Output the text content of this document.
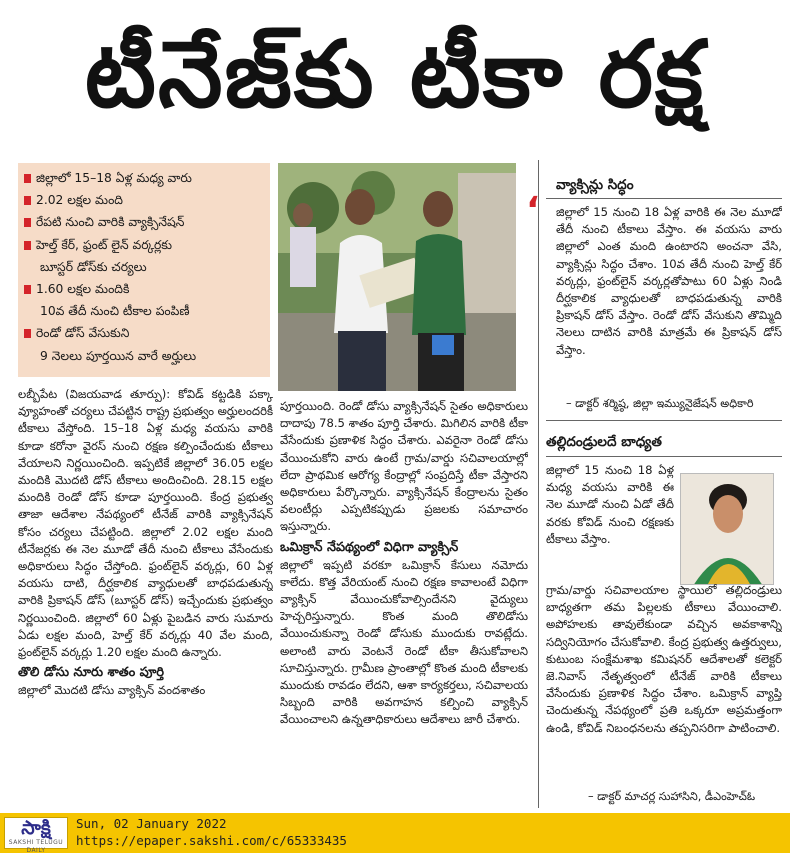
టీనేజ్‌కు టీకా రక్ష
జిల్లాలో 15–18 ఏళ్ల మధ్య వారు
2.02 లక్షల మంది
రేపటి నుంచి వారికి వ్యాక్సినేషన్
హెల్త్‌ కేర్, ఫ్రంట్‌ లైన్‌ వర్కర్లకు
బూస్టర్‌ డోస్‌కు చర్యలు
1.60 లక్షల మందికి
10వ తేదీ నుంచి టీకాల పంపిణీ
రెండో డోస్‌ వేసుకుని
9 నెలలు పూర్తయిన వారే అర్హులు

లబ్బీపేట (విజయవాడ తూర్పు): కోవిడ్‌ కట్టడికి పక్కా వ్యూహంతో చర్యలు చేపట్టిన రాష్ట్ర ప్రభుత్వం అర్హులందరికీ టీకాలు వేస్తోంది. 15–18 ఏళ్ల మధ్య వయసు వారికి కూడా కరోనా వైరస్‌ నుంచి రక్షణ కల్పించేందుకు టీకాలు వేయాలని నిర్ణయించింది. ఇప్పటికే జిల్లాలో 36.05 లక్షల మందికి మొదటి డోస్‌ టీకాలు అందించింది. 28.15 లక్షల మందికి రెండో డోస్‌ కూడా పూర్తయింది. కేంద్ర ప్రభుత్వ తాజా ఆదేశాల నేపథ్యంలో టీనేజ్‌ వారికి వ్యాక్సినేషన్‌ కోసం చర్యలు చేపట్టింది. జిల్లాలో 2.02 లక్షల మంది టీనేజర్లకు ఈ నెల మూడో తేదీ నుంచి టీకాలు వేసేందుకు అధికారులు సిద్ధం చేస్తోంది. ఫ్రంట్‌లైన్‌ వర్కర్లు, 60 ఏళ్ల వయసు దాటి, దీర్ఘకాలిక వ్యాధులతో బాధపడుతున్న వారికి ప్రికాషన్‌ డోస్‌ (బూస్టర్‌ డోస్‌) ఇచ్చేందుకు ప్రభుత్వం నిర్ణయించింది. జిల్లాలో 60 ఏళ్లు పైబడిన వారు సుమారు ఏడు లక్షల మంది, హెల్త్‌ కేర్‌ వర్కర్లు 40 వేల మంది, ఫ్రంట్‌లైన్‌ వర్కర్లు 1.20 లక్షల మంది ఉన్నారు.

తొలి డోసు నూరు శాతం పూర్తి

జిల్లాలో మొదటి డోసు వ్యాక్సిన్‌ వందశాతం

పూర్తయింది. రెండో డోసు వ్యాక్సినేషన్‌ సైతం అధికారులు దాదాపు 78.5 శాతం పూర్తి చేశారు. మిగిలిన వారికి టీకా వేసేందుకు ప్రణాళిక సిద్ధం చేశారు. ఎవరైనా రెండో డోసు వేయించుకోని వారు ఉంటే గ్రామ/వార్డు సచివాలయాల్లో లేదా ప్రాథమిక ఆరోగ్య కేంద్రాల్లో సంప్రదిస్తే టీకా వేస్తారని అధికారులు పేర్కొన్నారు. వ్యాక్సినేషన్‌ కేంద్రాలను సైతం వలంటీర్లు ఎప్పటికప్పుడు ప్రజలకు సమాచారం ఇస్తున్నారు.

ఒమిక్రాన్‌ నేపథ్యంలో విధిగా వ్యాక్సిన్‌

జిల్లాలో ఇప్పటి వరకూ ఒమిక్రాన్‌ కేసులు నమోదు కాలేదు. కొత్త వేరియంట్‌ నుంచి రక్షణ కావాలంటే విధిగా వ్యాక్సిన్‌ వేయించుకోవాల్సిందేనని వైద్యులు హెచ్చరిస్తున్నారు. కొంత మంది తొలిడోసు వేయించుకున్నా రెండో డోసుకు ముందుకు రావట్లేదు. అలాంటి వారు వెంటనే రెండో టీకా తీసుకోవాలని సూచిస్తున్నారు. గ్రామీణ ప్రాంతాల్లో కొంత మంది టీకాలకు ముందుకు రావడం లేదని, ఆశా కార్యకర్తలు, సచివాలయ సిబ్బంది వారికి అవగాహన కల్పించి వ్యాక్సిన్‌ వేయించాలని ఉన్నతాధికారులు ఆదేశాలు జారీ చేశారు.

వ్యాక్సిన్లు సిద్ధం
‘ జిల్లాలో 15 నుంచి 18 ఏళ్ల వారికి ఈ నెల మూడో తేదీ నుంచి టీకాలు వేస్తాం. ఈ వయసు వారు జిల్లాలో ఎంత మంది ఉంటారని అంచనా వేసి, వ్యాక్సిన్లు సిద్ధం చేశాం. 10వ తేదీ నుంచి హెల్త్‌ కేర్‌ వర్కర్లు, ఫ్రంట్‌లైన్‌ వర్కర్లతోపాటు 60 ఏళ్లు నిండి దీర్ఘకాలిక వ్యాధులతో బాధపడుతున్న వారికి ప్రికాషన్‌ డోస్‌ వేస్తాం. రెండో డోస్‌ వేసుకుని తొమ్మిది నెలలు దాటిన వారికి మాత్రమే ఈ ప్రికాషన్‌ డోస్‌ వేస్తాం.
– డాక్టర్‌ శర్మిష్ఠ, జిల్లా ఇమ్యునైజేషన్‌ అధికారి
తల్లిదండ్రులదే బాధ్యత
జిల్లాలో 15 నుంచి 18 ఏళ్ల మధ్య వయసు వారికి ఈ నెల మూడో నుంచి ఏడో తేదీ వరకు కోవిడ్‌ నుంచి రక్షణకు టీకాలు వేస్తాం.
గ్రామ/వార్డు సచివాలయాల స్థాయిలో తల్లిదండ్రులు బాధ్యతగా తమ పిల్లలకు టీకాలు వేయించాలి. అపోహలకు తావులేకుండా వచ్చిన అవకాశాన్ని సద్వినియోగం చేసుకోవాలి. కేంద్ర ప్రభుత్వ ఉత్తర్వులు, కుటుంబ సంక్షేమశాఖ కమిషనర్‌ ఆదేశాలతో కలెక్టర్‌ జె.నివాస్‌ నేతృత్వంలో టీనేజ్‌ వారికి టీకాలు వేసేందుకు ప్రణాళిక సిద్ధం చేశాం. ఒమిక్రాన్‌ వ్యాప్తి చెందుతున్న నేపథ్యంలో ప్రతి ఒక్కరూ అప్రమత్తంగా ఉండి, కోవిడ్‌ నిబంధనలను తప్పనిసరిగా పాటించాలి.
– డాక్టర్‌ మాచర్ల సుహాసిని, డీఎంహెచ్‌ఓ
సాక్షి
SAKSHI TELUGU DAILY
Sun, 02 January 2022
https://epaper.sakshi.com/c/65333435
